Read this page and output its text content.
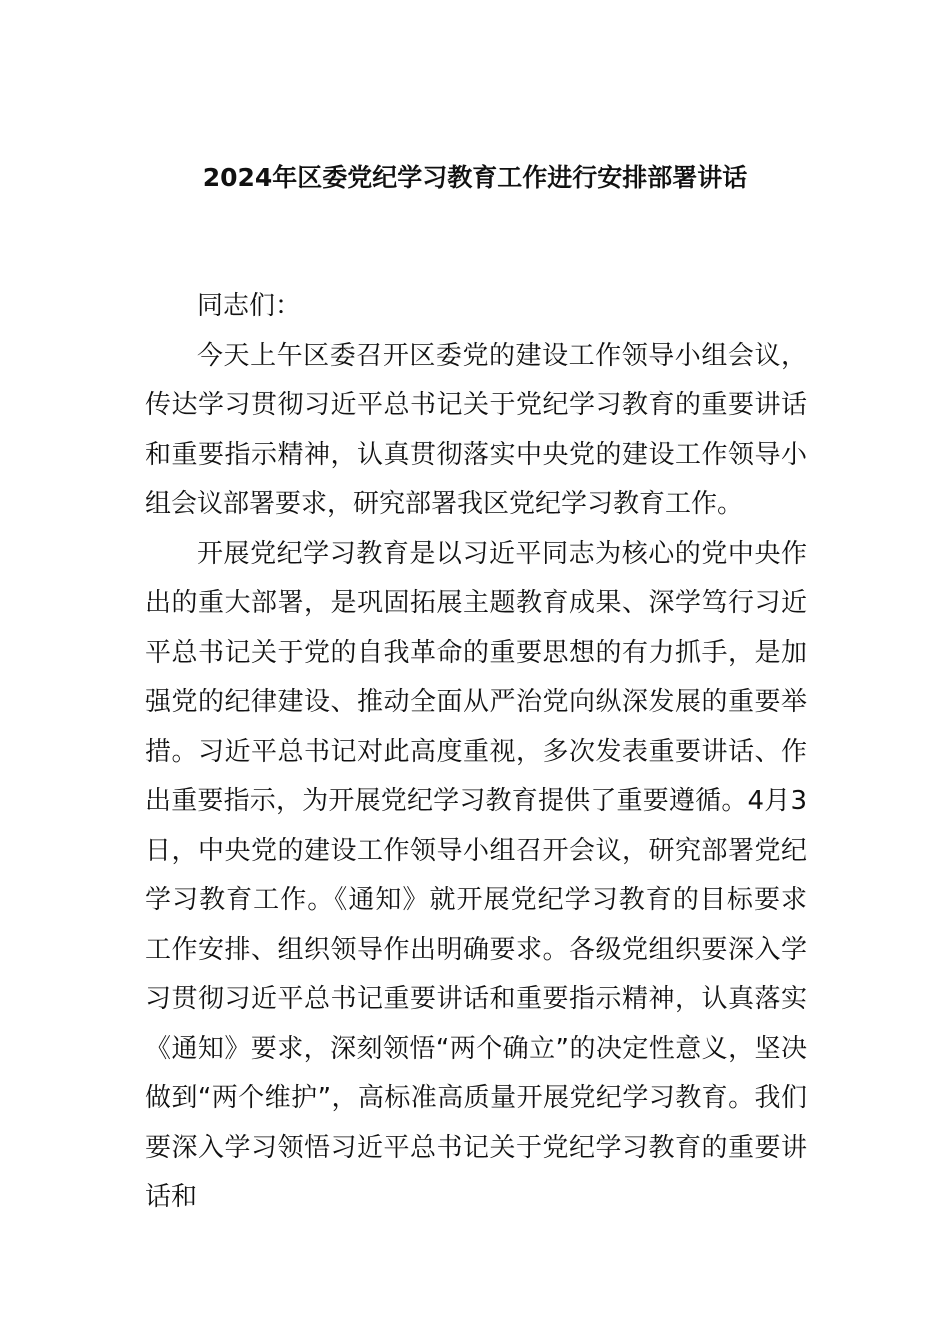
2024年区委党纪学习教育工作进行安排部署讲话

同志们：

今天上午区委召开区委党的建设工作领导小组会议，传达学习贯彻习近平总书记关于党纪学习教育的重要讲话和重要指示精神，认真贯彻落实中央党的建设工作领导小组会议部署要求，研究部署我区党纪学习教育工作。

开展党纪学习教育是以习近平同志为核心的党中央作出的重大部署，是巩固拓展主题教育成果、深学笃行习近平总书记关于党的自我革命的重要思想的有力抓手，是加强党的纪律建设、推动全面从严治党向纵深发展的重要举措。习近平总书记对此高度重视，多次发表重要讲话、作出重要指示，为开展党纪学习教育提供了重要遵循。4月3日，中央党的建设工作领导小组召开会议，研究部署党纪学习教育工作。《通知》就开展党纪学习教育的目标要求工作安排、组织领导作出明确要求。各级党组织要深入学习贯彻习近平总书记重要讲话和重要指示精神，认真落实《通知》要求，深刻领悟“两个确立”的决定性意义，坚决做到“两个维护”，高标准高质量开展党纪学习教育。我们要深入学习领悟习近平总书记关于党纪学习教育的重要讲话和
